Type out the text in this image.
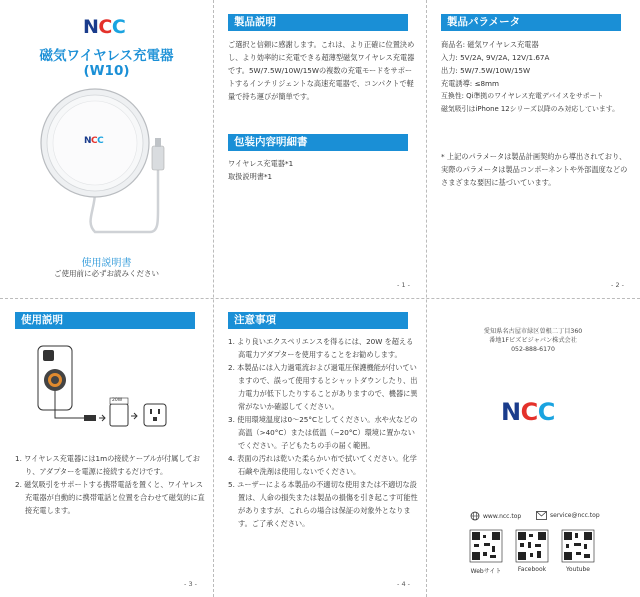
NCC
磁気ワイヤレス充電器
(W10)
NCC
使用説明書
ご使用前に必ずお読みください
製品説明
ご選択と信頼に感謝します。これは、より正確に位置決めし、より効率的に充電できる超薄型磁気ワイヤレス充電器です。5W/7.5W/10W/15Wの複数の充電モードをサポートするインテリジェントな高速充電器で、コンパクトで軽量で持ち運びが簡単です。
包装内容明細書
ワイヤレス充電器*1
取扱説明書*1
- 1 -
製品パラメータ
商品名: 磁気ワイヤレス充電器
入力: 5V/2A, 9V/2A, 12V/1.67A
出力: 5W/7.5W/10W/15W
充電誘導: ≤8mm
互換性: Qi準拠のワイヤレス充電デバイスをサポート
磁気吸引はiPhone 12シリーズ以降のみ対応しています。
* 上記のパラメータは製品計画契約から導出されており、実際のパラメータは製品コンポーネントや外部温度などのさまざまな要因に基づいています。
- 2 -
使用説明
20W
1. ワイヤレス充電器には1mの接続ケーブルが付属しており、アダプターを電源に接続するだけです。
2. 磁気吸引をサポートする携帯電話を置くと、ワイヤレス充電器が自動的に携帯電話と位置を合わせて磁気的に直接充電します。
- 3 -
注意事項
1. より良いエクスペリエンスを得るには、20W を超える高電力アダプターを使用することをお勧めします。
2. 本製品には入力過電流および過電圧保護機能が付いていますので、誤って使用するとシャットダウンしたり、出力電力が低下したりすることがありますので、機器に異常がないか確認してください。
3. 使用環境温度は0〜25°Cとしてください。水や火などの高温（>40°C）または低温（−20°C）環境に置かないでください。子どもたちの手の届く範囲。
4. 表面の汚れは乾いた柔らかい布で拭いてください。化学石鹸や洗剤は使用しないでください。
5. ユーザーによる本製品の不適切な使用または不適切な設置は、人命の損失または製品の損傷を引き起こす可能性がありますが、これらの場合は保証の対象外となります。ご了承ください。
- 4 -
愛知県名古屋市緑区曽根二丁目360
番地1Fビズビジャパン株式会社
052-888-6170
NCC
www.ncc.top	service@ncc.top
Webサイト	Facebook	Youtube
